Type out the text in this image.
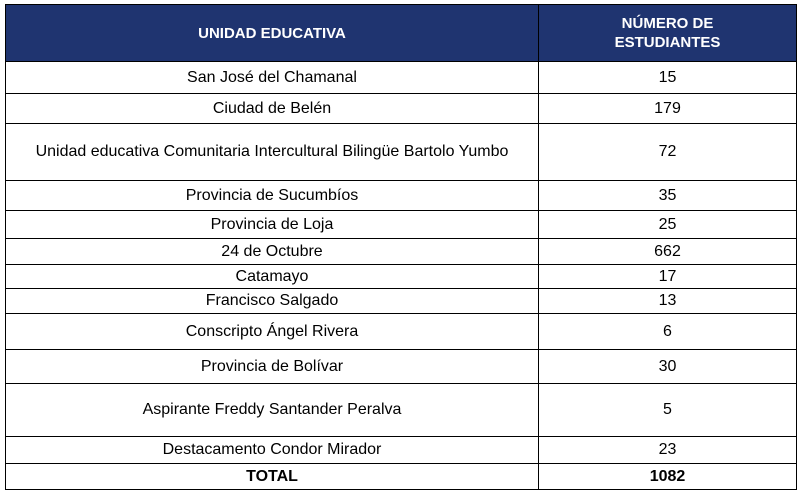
UNIDAD EDUCATIVA	NÚMERO DE ESTUDIANTES
San José del Chamanal	15
Ciudad de Belén	179
Unidad educativa Comunitaria Intercultural Bilingüe Bartolo Yumbo	72
Provincia de Sucumbíos	35
Provincia de Loja	25
24 de Octubre	662
Catamayo	17
Francisco Salgado	13
Conscripto Ángel Rivera	6
Provincia de Bolívar	30
Aspirante Freddy Santander Peralva	5
Destacamento Condor Mirador	23
TOTAL	1082
